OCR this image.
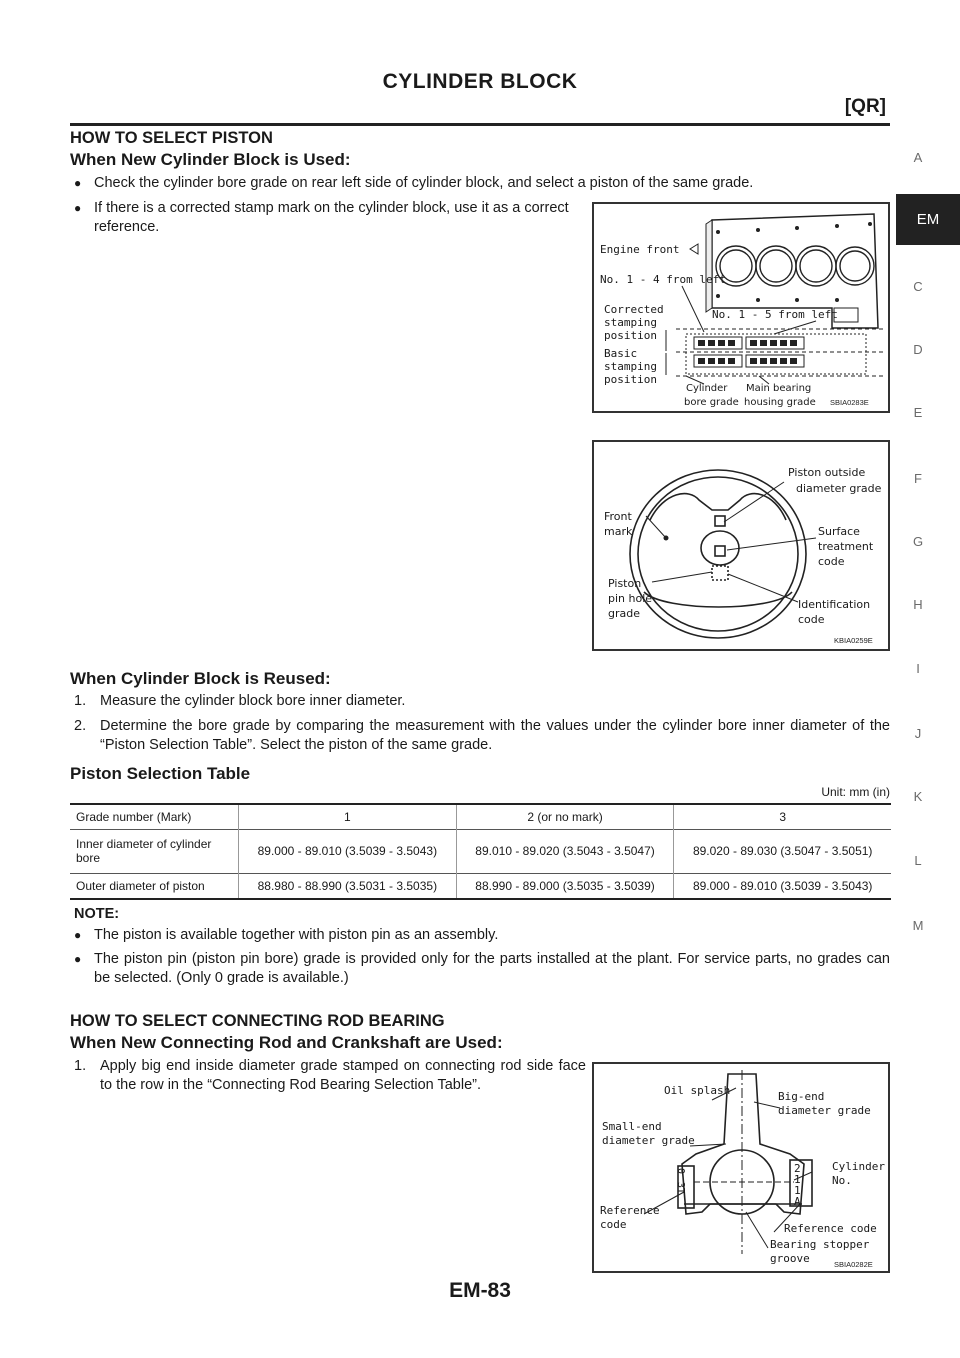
CYLINDER BLOCK
[QR]
A
EM
C
D
E
F
G
H
I
J
K
L
M
HOW TO SELECT PISTON
When New Cylinder Block is Used:
● Check the cylinder bore grade on rear left side of cylinder block, and select a piston of the same grade.
● If there is a corrected stamp mark on the cylinder block, use it as a correct reference.
Engine front
No. 1 - 4 from left
No. 1 - 5 from left
Corrected
stamping
position
Basic
stamping
position
Cylinder
bore grade
Main bearing
housing grade SBIA0283E
Piston outside
diameter grade
Front
mark	Surface
treatment
code
Piston
pin hole
grade
Identification
code
KBIA0259E
When Cylinder Block is Reused:
1. Measure the cylinder block bore inner diameter.
2. Determine the bore grade by comparing the measurement with the values under the cylinder bore inner diameter of the “Piston Selection Table”. Select the piston of the same grade.
Piston Selection Table
Unit: mm (in)
Grade number (Mark)	1	2 (or no mark)	3
Inner diameter of cylinder bore	89.000 - 89.010 (3.5039 - 3.5043)	89.010 - 89.020 (3.5043 - 3.5047)	89.020 - 89.030 (3.5047 - 3.5051)
Outer diameter of piston	88.980 - 88.990 (3.5031 - 3.5035)	88.990 - 89.000 (3.5035 - 3.5039)	89.000 - 89.010 (3.5039 - 3.5043)
NOTE:
● The piston is available together with piston pin as an assembly.
● The piston pin (piston pin bore) grade is provided only for the parts installed at the plant. For service parts, no grades can be selected. (Only 0 grade is available.)
HOW TO SELECT CONNECTING ROD BEARING
When New Connecting Rod and Crankshaft are Used:
1. Apply big end inside diameter grade stamped on connecting rod side face to the row in the “Connecting Rod Bearing Selection Table”.
0
3T
2
1
1
A
Oil splash	Big-end
diameter grade
Small-end
diameter grade
Cylinder
No.
Reference
code	Reference code
Bearing stopper
groove	SBIA0282E
EM-83
